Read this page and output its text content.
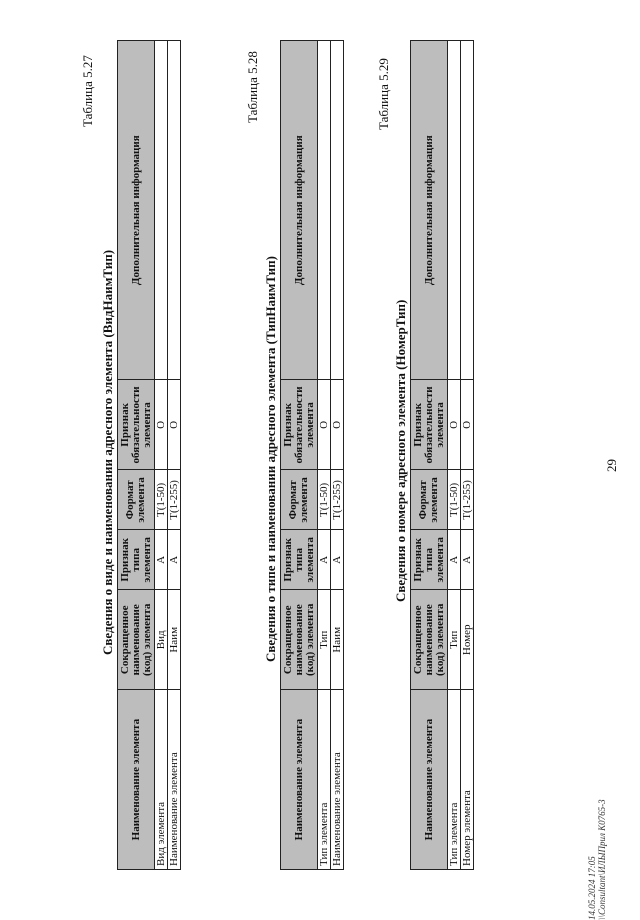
29
Таблица 5.27
Сведения о виде и наименовании адресного элемента (ВидНаимТип)
Наименование элемента	Сокращенное наименование (код) элемента	Признак типа элемента	Формат элемента	Признак обязательности элемента	Дополнительная информация
Вид элемента	Вид	А	Т(1-50)	О	
Наименование элемента	Наим	А	Т(1-255)	О	
Таблица 5.28
Сведения о типе и наименовании адресного элемента (ТипНаимТип)
Наименование элемента	Сокращенное наименование (код) элемента	Признак типа элемента	Формат элемента	Признак обязательности элемента	Дополнительная информация
Тип элемента	Тип	А	Т(1-50)	О	
Наименование элемента	Наим	А	Т(1-255)	О	
Таблица 5.29
Сведения о номере адресного элемента (НомерТип)
Наименование элемента	Сокращенное наименование (код) элемента	Признак типа элемента	Формат элемента	Признак обязательности элемента	Дополнительная информация
Тип элемента	Тип	А	Т(1-50)	О	
Номер элемента	Номер	А	Т(1-255)	О	
14.05.2024 17:05 \\Consultant\ИЛЫПрил К0765-3
